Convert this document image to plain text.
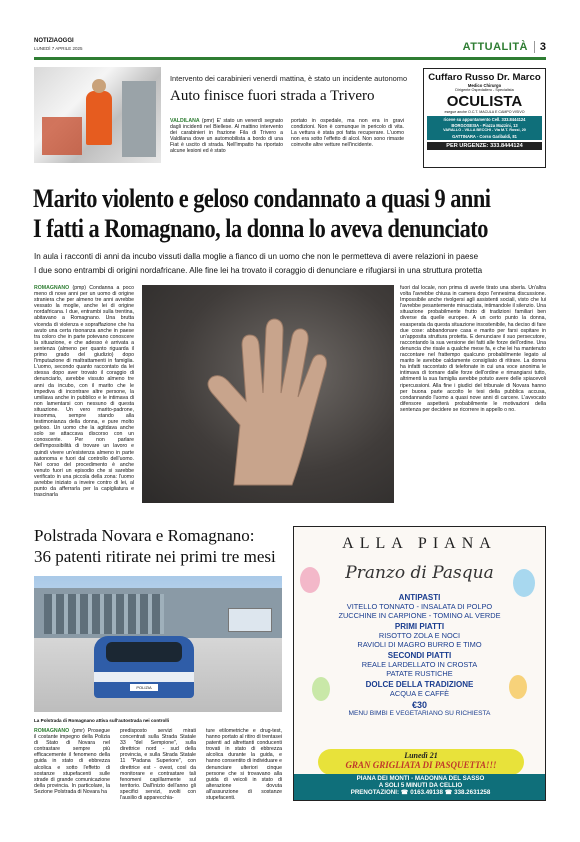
NOTIZIAOGGI
LUNEDÌ 7 APRILE 2025	ATTUALITÀ	3
Intervento dei carabinieri venerdì mattina, è stato un incidente autonomo
Auto finisce fuori strada a Trivero
VALDILANA (pmr) E' stato un venerdì segnato dagli incidenti nel Biellese. Al mattino intervento dei carabinieri in frazione Fila di Trivero a Valdilana dove un automobilista a bordo di una Fiat è uscito di strada. Nell'impatto ha riportato alcune lesioni ed è stato
portato in ospedale, ma non era in gravi condizioni. Non è comunque in pericolo di vita. La vettura è stata poi fatta recuperare. L'uomo non era sotto l'effetto di alcol. Non sono rimaste coinvolte altre vetture nell'incidente.
Cuffaro Russo Dr. Marco
Medico Chirurgo
Dirigente Ospedaliero - Specialista
OCULISTA
esegue anche O.C.T. MACULA E CAMPO VISIVO
riceve su appuntamento Cell. 333.8444124
BORGOSESIA - Piazza Mazzini, 13
VARALLO - VILLA BECCHI - Via M.T. Rossi, 20
GATTINARA - Corso Garibaldi, 81
PER URGENZE: 333.8444124
Marito violento e geloso condannato a quasi 9 anni
I fatti a Romagnano, la donna lo aveva denunciato
In aula i racconti di anni da incubo vissuti dalla moglie a fianco di un uomo che non le permetteva di avere relazioni in paese
I due sono entrambi di origini nordafricane. Alle fine lei ha trovato il coraggio di denunciare e rifugiarsi in una struttura protetta
ROMAGNANO (pmp) Condanna a poco meno di nove anni per un uomo di origine straniera che per almeno tre anni avrebbe vessato la moglie, anche lei di origine nordafricana. I due, entrambi sulla trentina, abitavano a Romagnano. Una brutta vicenda di violenza e sopraffazione che ha avuto una certa risonanza anche in paese tra coloro che in parte potevano conoscere la situazione, e che adesso è arrivata a sentenza (almeno per quanto riguarda il primo grado del giudizio) dopo l'imputazione di maltrattamenti in famiglia. L'uomo, secondo quanto raccontato da lei stessa dopo aver trovato il coraggio di denunciarlo, avrebbe vissuto almeno tre anni da incubo, con il marito che le impediva di incontrare altre persone, la umiliava anche in pubblico e le intimava di non lamentarsi con nessuno di questa situazione. Un vero marito-padrone, insomma, sempre stando alla testimonianza della donna, e pure molto geloso. Un uomo che la agitdava anche solo se attaccava discorso con un conoscente. Per non parlare dell'impossibilità di trovare un lavoro e quindi vivere un'esistenza almeno in parte autonoma e fuori dal controllo dell'uomo. Nel corso del procedimento è anche venuto fuori un episodio che si sarebbe verificato in una piccola della zona: l'uomo avrebbe iniziato a inveire contro di lei, al punto da afferrarla per la capigliatura e trascinarla
fuori dal locale, non prima di averle tirato una sberla. Un'altra volta l'avrebbe chiusa in camera dopo l'ennesima discussione. Impossibile anche rivolgersi agli assistenti sociali, visto che lui l'avrebbe pesantemente minacciata, intimandole il silenzio. Una situazione probabilmente frutto di tradizioni familiari ben diverse da quelle europee. A un certo punto la donna, esasperata da questa situazione insostenibile, ha deciso di fare due cose: abbandonare casa e marito per farsi ospitare in un'apposita struttura protetta. E denunciare il suo persecutore, raccontando la sua versione dei fatti alle forze dell'ordine. Una denuncia che risale a qualche mese fa, e che lei ha mantenuto raccontare nel frattempo qualcuno probabilmente legato al marito le avrebbe caldamente consigliato di ritirare. La donna ha infatti raccontato di telefonate in cui una voce anonima le intimava di tornare dalle forze dell'ordine e rimangiarsi tutto, altrimenti la sua famiglia avrebbe potuto avere delle spiacevoli ripercussioni. Alla fine i giudici del tribunale di Novara hanno per buona parte accolto le tesi della pubblica accusa, condannando l'uomo a quasi nove anni di carcere. L'avvocato difensore aspetterà probabilmente le motivazioni della sentenza per decidere se ricorrere in appello o no.
Polstrada Novara e Romagnano:
36 patenti ritirate nei primi tre mesi
POLIZIA
La Polstrada di Romagnano attiva sull'autostrada nei controlli
ROMAGNANO (pmr) Prosegue il costante impegno della Polizia di Stato di Novara nel contrastare sempre più efficacemente il fenomeno della guida in stato di ebbrezza alcolica e sotto l'effetto di sostanze stupefacenti sulle strade di grande comunicazione della provincia. In particolare, la Sezione Polstrada di Novara ha
predisposto servizi mirati concentrati sulla Strada Statale 33 "del Sempione", sulla direttrice nord - sud della provincia, e sulla Strada Statale 11 "Padana Superiore", con direttrice est - ovest, così da monitorare e contrastare tali fenomeni capillarmente sul territorio. Dall'inizio dell'anno gli specifici servizi, svolti con l'ausilio di apparecchia-
ture etilometriche e drug-test, hanno portato al ritiro di trentasei patenti ad altrettanti conducenti trovati in stato di ebbrezza alcolica durante la guida, e hanno consentito di individuare e denunciare ulteriori cinque persone che si trovavano alla guida di veicoli in stato di alterazione dovuta all'assunzione di sostanze stupefacenti.
ALLA PIANA
Pranzo di Pasqua
ANTIPASTI
VITELLO TONNATO - INSALATA DI POLPO
ZUCCHINE IN CARPIONE - TOMINO AL VERDE
PRIMI PIATTI
RISOTTO ZOLA E NOCI
RAVIOLI DI MAGRO BURRO E TIMO
SECONDI PIATTI
REALE LARDELLATO IN CROSTA
PATATE RUSTICHE
DOLCE DELLA TRADIZIONE
ACQUA E CAFFÈ
€30
MENU BIMBI E VEGETARIANO SU RICHIESTA
Lunedì 21
GRAN GRIGLIATA DI PASQUETTA!!!
PIANA DEI MONTI - MADONNA DEL SASSO
A SOLI 5 MINUTI DA CELLIO
PRENOTAZIONI: ☎ 0163.49138 ☎ 338.2631258
